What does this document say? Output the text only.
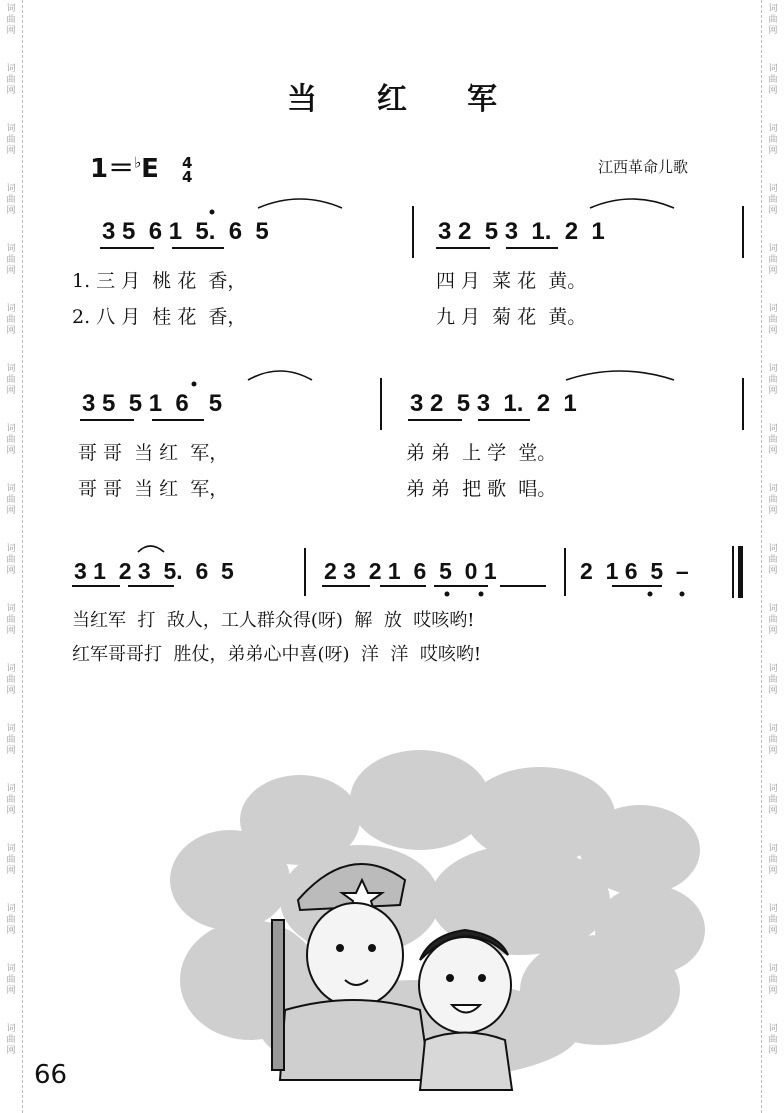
词
曲
网
词
曲
网
词
曲
网
词
曲
网
词
曲
网
词
曲
网
词
曲
网
词
曲
网
词
曲
网
词
曲
网
词
曲
网
词
曲
网
词
曲
网
词
曲
网
词
曲
网
词
曲
网
词
曲
网
词
曲
网
词
曲
网
词
曲
网
词
曲
网
词
曲
网
词
曲
网
词
曲
网
词
曲
网
词
曲
网
词
曲
网
词
曲
网
词
曲
网
词
曲
网
词
曲
网
词
曲
网
词
曲
网
词
曲
网
词
曲
网
词
曲
网
当红军
1＝♭E 4
4
江西革命儿歌
3 5  6 1  5.  6  5	3 2  5 3  1.  2  1
1. 三 月  桃 花  香，	四 月  菜 花  黄。
2. 八 月  桂 花  香，	九 月  菊 花  黄。
3 5  5 1  6   5	3 2  5 3  1.  2  1
哥 哥  当 红  军，	弟 弟  上 学  堂。
哥 哥  当 红  军，	弟 弟  把 歌  唱。
3 1  2 3  5.  6  5	2 3  2 1  6  5  0 1	2  1 6  5  –
当红军  打  敌人，工人群众得(呀)  解  放  哎咳哟!
红军哥哥打  胜仗，弟弟心中喜(呀)  洋  洋  哎咳哟!
66
